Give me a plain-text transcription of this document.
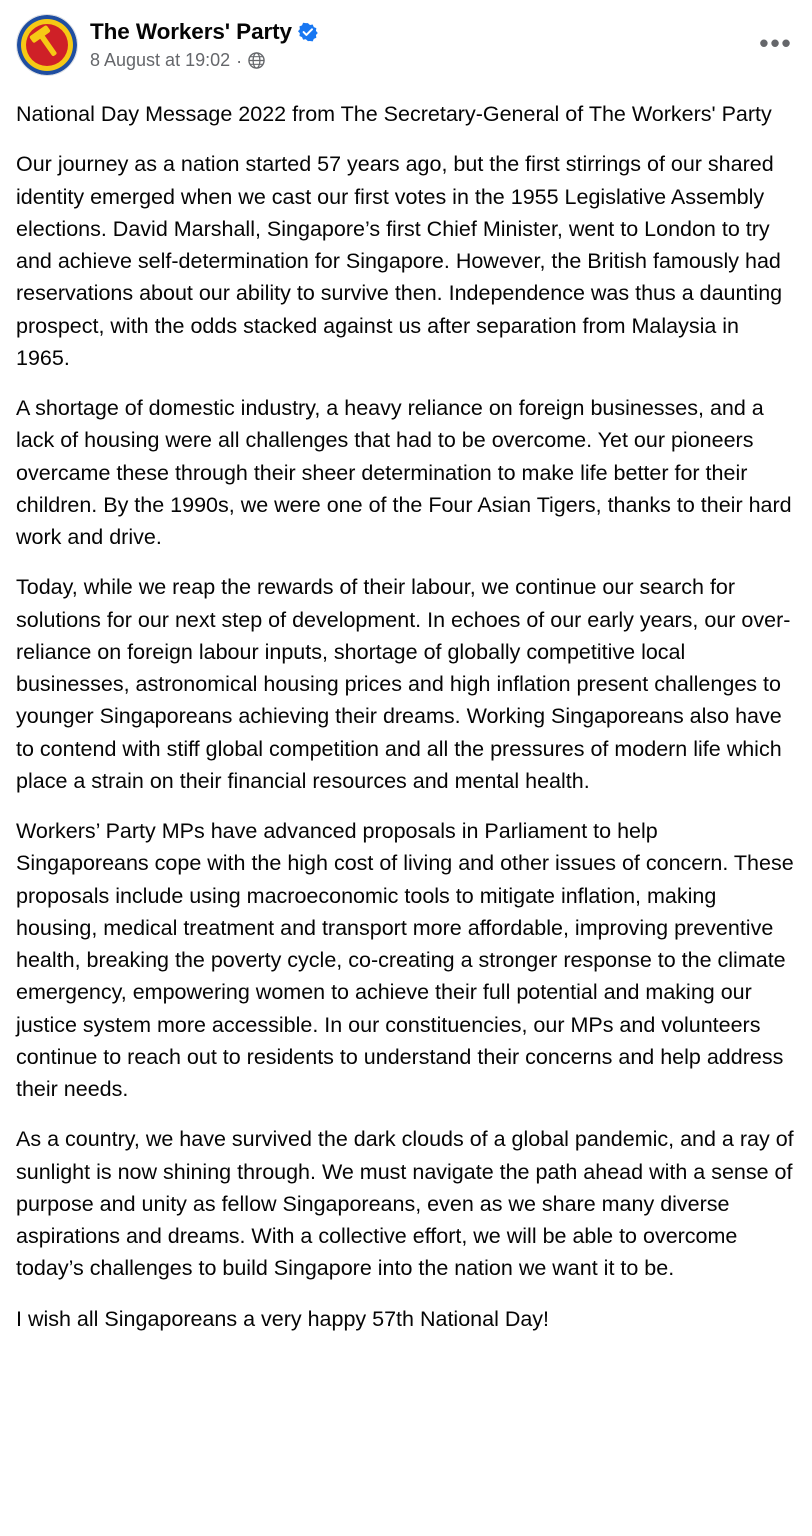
The Workers' Party
8 August at 19:02 ·
•••

National Day Message 2022 from The Secretary-General of The Workers' Party

Our journey as a nation started 57 years ago, but the first stirrings of our shared identity emerged when we cast our first votes in the 1955 Legislative Assembly elections. David Marshall, Singapore’s first Chief Minister, went to London to try and achieve self-determination for Singapore. However, the British famously had reservations about our ability to survive then. Independence was thus a daunting prospect, with the odds stacked against us after separation from Malaysia in 1965.

A shortage of domestic industry, a heavy reliance on foreign businesses, and a lack of housing were all challenges that had to be overcome. Yet our pioneers overcame these through their sheer determination to make life better for their children. By the 1990s, we were one of the Four Asian Tigers, thanks to their hard work and drive.

Today, while we reap the rewards of their labour, we continue our search for solutions for our next step of development. In echoes of our early years, our over-reliance on foreign labour inputs, shortage of globally competitive local businesses, astronomical housing prices and high inflation present challenges to younger Singaporeans achieving their dreams. Working Singaporeans also have to contend with stiff global competition and all the pressures of modern life which place a strain on their financial resources and mental health.

Workers’ Party MPs have advanced proposals in Parliament to help Singaporeans cope with the high cost of living and other issues of concern. These proposals include using macroeconomic tools to mitigate inflation, making housing, medical treatment and transport more affordable, improving preventive health, breaking the poverty cycle, co-creating a stronger response to the climate emergency, empowering women to achieve their full potential and making our justice system more accessible. In our constituencies, our MPs and volunteers continue to reach out to residents to understand their concerns and help address their needs.

As a country, we have survived the dark clouds of a global pandemic, and a ray of sunlight is now shining through. We must navigate the path ahead with a sense of purpose and unity as fellow Singaporeans, even as we share many diverse aspirations and dreams. With a collective effort, we will be able to overcome today’s challenges to build Singapore into the nation we want it to be.

I wish all Singaporeans a very happy 57th National Day!
